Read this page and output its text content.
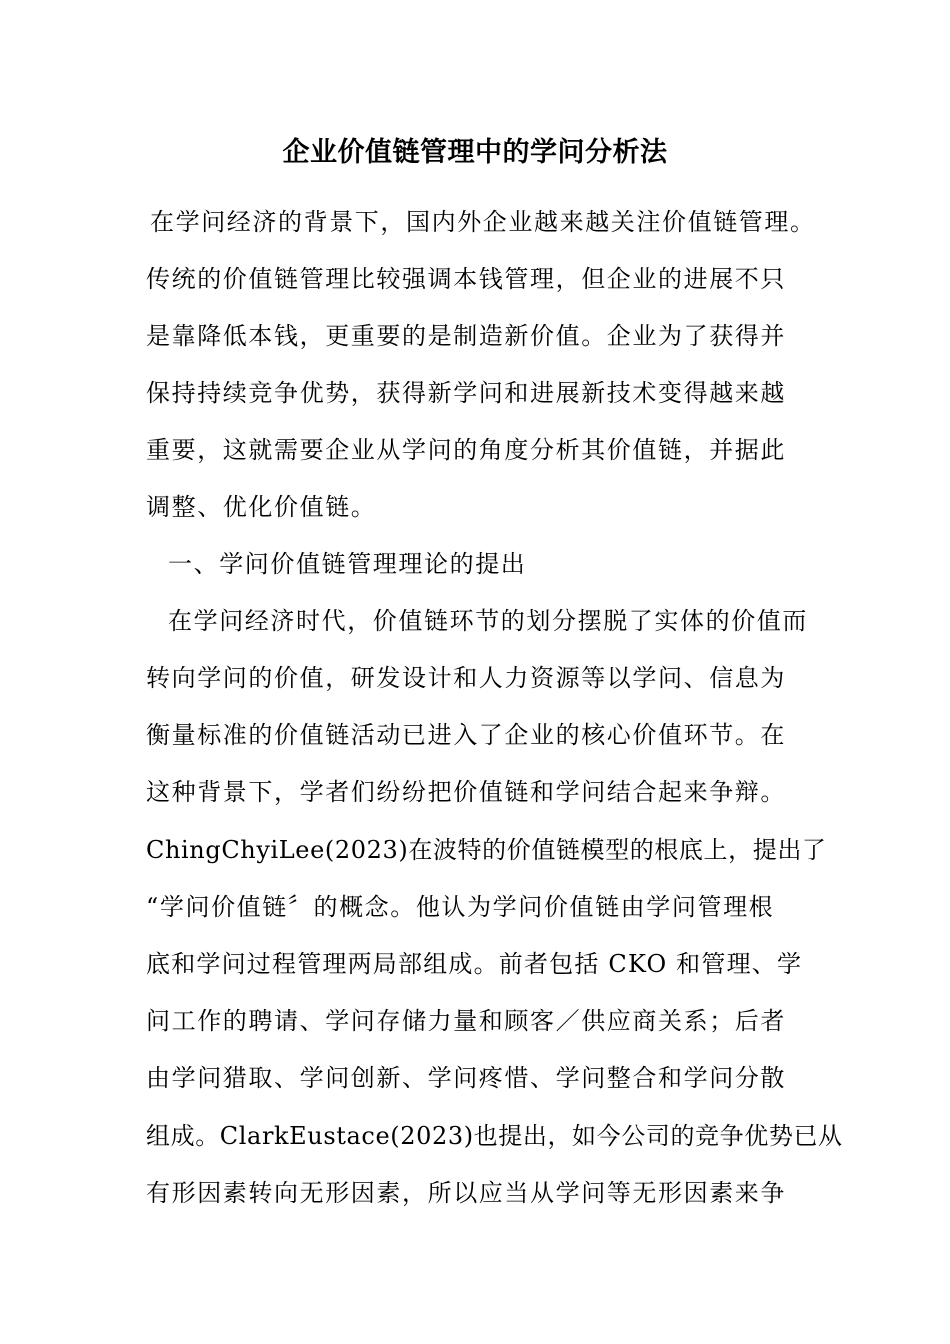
企业价值链管理中的学问分析法
在学问经济的背景下，国内外企业越来越关注价值链管理。
传统的价值链管理比较强调本钱管理，但企业的进展不只
是靠降低本钱，更重要的是制造新价值。企业为了获得并
保持持续竞争优势，获得新学问和进展新技术变得越来越
重要，这就需要企业从学问的角度分析其价值链，并据此
调整、优化价值链。
一、学问价值链管理理论的提出
在学问经济时代，价值链环节的划分摆脱了实体的价值而
转向学问的价值，研发设计和人力资源等以学问、信息为
衡量标准的价值链活动已进入了企业的核心价值环节。在
这种背景下，学者们纷纷把价值链和学问结合起来争辩。
ChingChyiLee(2023)在波特的价值链模型的根底上，提出了
“学问价值链〞的概念。他认为学问价值链由学问管理根
底和学问过程管理两局部组成。前者包括 CKO 和管理、学
问工作的聘请、学问存储力量和顾客／供应商关系；后者
由学问猎取、学问创新、学问疼惜、学问整合和学问分散
组成。ClarkEustace(2023)也提出，如今公司的竞争优势已从
有形因素转向无形因素，所以应当从学问等无形因素来争
